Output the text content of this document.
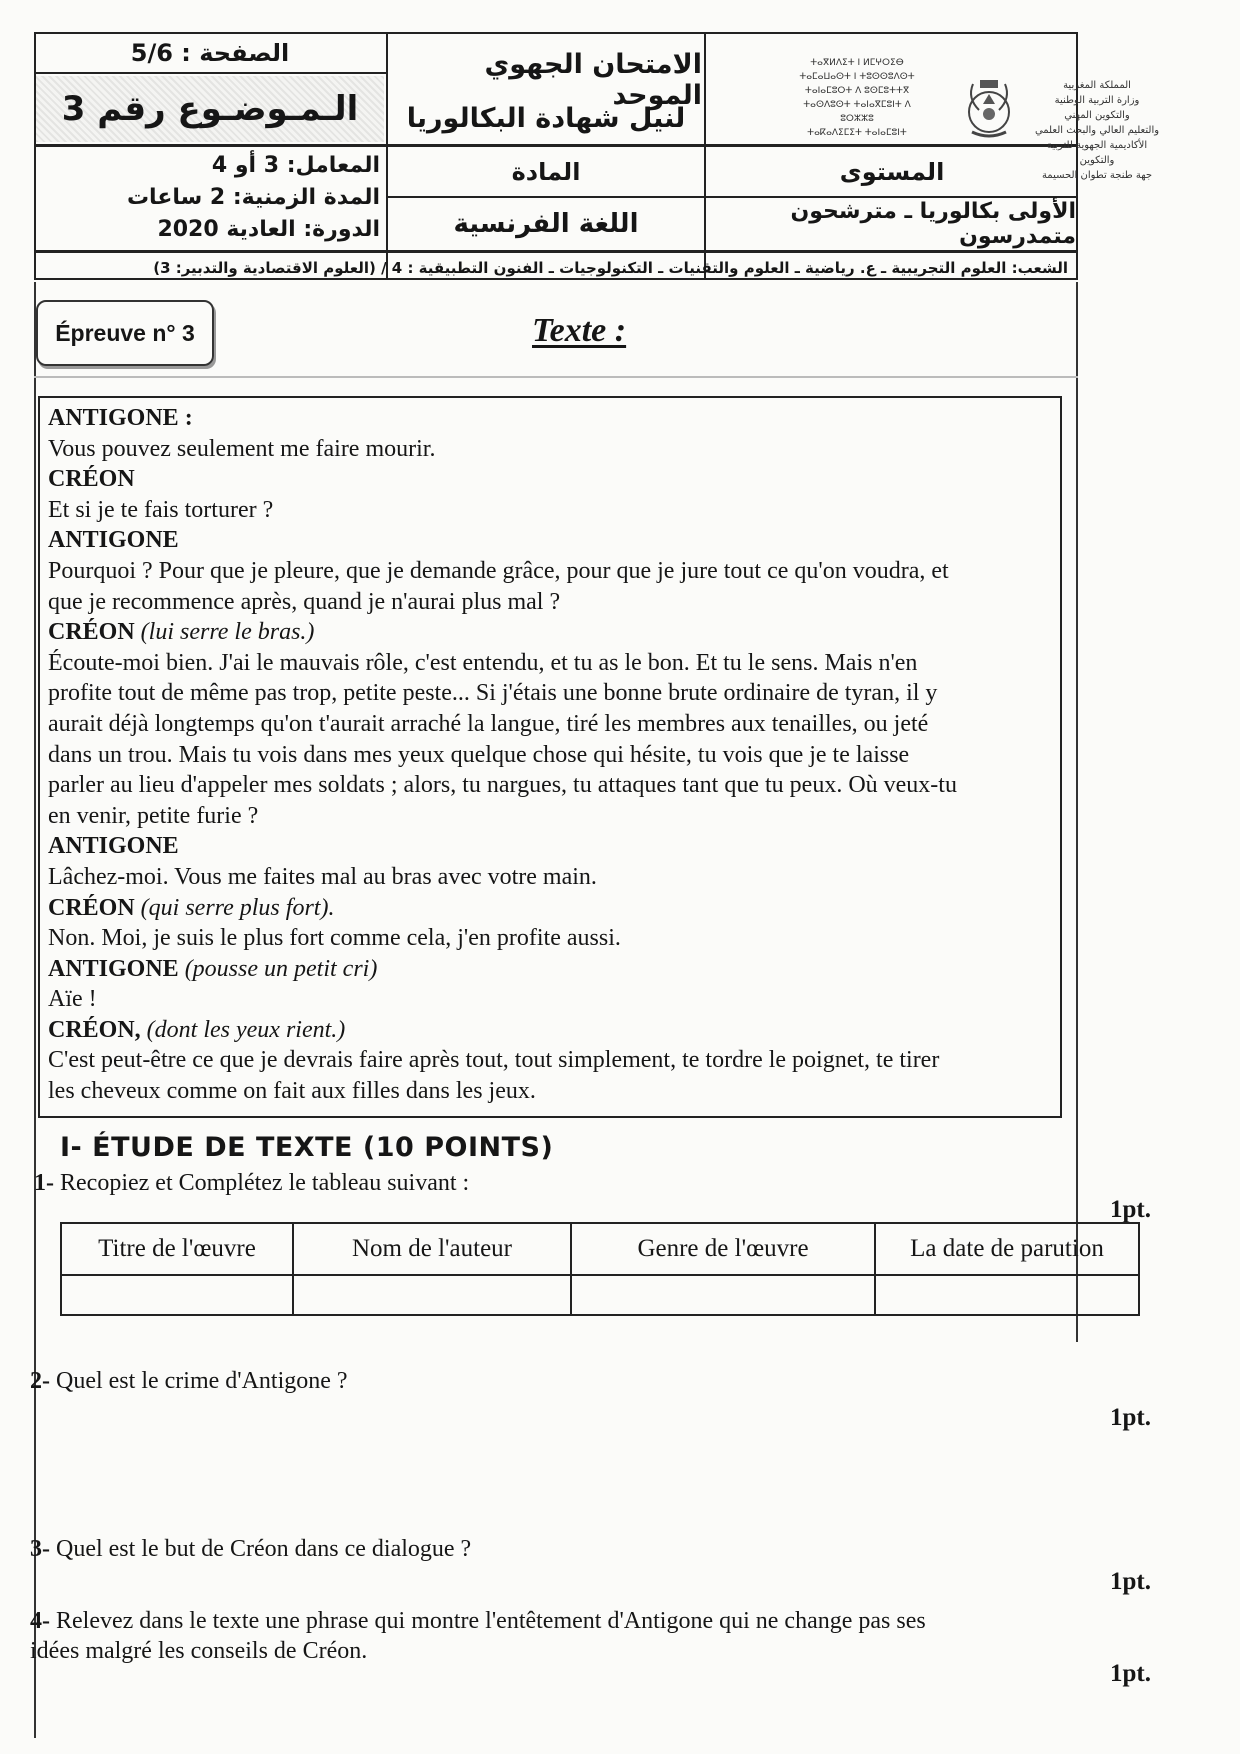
الصفحة : 5/6
الـمـوضـوع رقم 3
الامتحان الجهوي الموحد
لنيل شهادة البكالوريا
ⵜⴰⴳⵍⴷⵉⵜ ⵏ ⵍⵎⵖⵔⵉⴱ
ⵜⴰⵎⴰⵡⴰⵙⵜ ⵏ ⵜⵓⵙⵙⵓⴷⵙⵜ
ⵜⴰⵏⴰⵎⵓⵔⵜ ⴷ ⵓⵙⵎⵓⵜⵜⴳ
ⵜⴰⵙⴷⵓⵙⵜ ⵜⴰⵏⴰⴳⵎⵓⵏⵜ ⴷ ⵓⵔⵣⵣⵓ
ⵜⴰⴽⴰⴷⵉⵎⵉⵜ ⵜⴰⵏⴰⵎⵓⵏⵜ
المملكة المغربية
وزارة التربية الوطنية
والتكوين المهني
والتعليم العالي والبحث العلمي
الأكاديمية الجهوية للتربية والتكوين
جهة طنجة تطوان الحسيمة
المعامل: 3 أو 4
المدة الزمنية: 2 ساعات
الدورة: العادية 2020
المادة
اللغة الفرنسية
المستوى
الأولى بكالوريا ـ مترشحون متمدرسون
الشعب: العلوم التجريبية ـ ع. رياضية ـ العلوم والتقنيات ـ التكنولوجيات ـ الفنون التطبيقية : 4 / (العلوم الاقتصادية والتدبير: 3)
Épreuve n° 3	Texte :

ANTIGONE :

Vous pouvez seulement me faire mourir.

CRÉON

Et si je te fais torturer ?

ANTIGONE

Pourquoi ? Pour que je pleure, que je demande grâce, pour que je jure tout ce qu'on voudra, et

que je recommence après, quand je n'aurai plus mal ?

CRÉON (lui serre le bras.)

Écoute-moi bien. J'ai le mauvais rôle, c'est entendu, et tu as le bon. Et tu le sens. Mais n'en

profite tout de même pas trop, petite peste... Si j'étais une bonne brute ordinaire de tyran, il y

aurait déjà longtemps qu'on t'aurait arraché la langue, tiré les membres aux tenailles, ou jeté

dans un trou. Mais tu vois dans mes yeux quelque chose qui hésite, tu vois que je te laisse

parler au lieu d'appeler mes soldats ; alors, tu nargues, tu attaques tant que tu peux. Où veux-tu

en venir, petite furie ?

ANTIGONE

Lâchez-moi. Vous me faites mal au bras avec votre main.

CRÉON (qui serre plus fort).

Non. Moi, je suis le plus fort comme cela, j'en profite aussi.

ANTIGONE (pousse un petit cri)

Aïe !

CRÉON, (dont les yeux rient.)

C'est peut-être ce que je devrais faire après tout, tout simplement, te tordre le poignet, te tirer

les cheveux comme on fait aux filles dans les jeux.

I- ÉTUDE DE TEXTE (10 POINTS)
1- Recopiez et Complétez le tableau suivant :
1pt.
Titre de l'œuvre	Nom de l'auteur	Genre de l'œuvre	La date de parution

2- Quel est le crime d'Antigone ?
1pt.
3- Quel est le but de Créon dans ce dialogue ?
1pt.
4- Relevez dans le texte une phrase qui montre l'entêtement d'Antigone qui ne change pas ses
idées malgré les conseils de Créon.
1pt.
